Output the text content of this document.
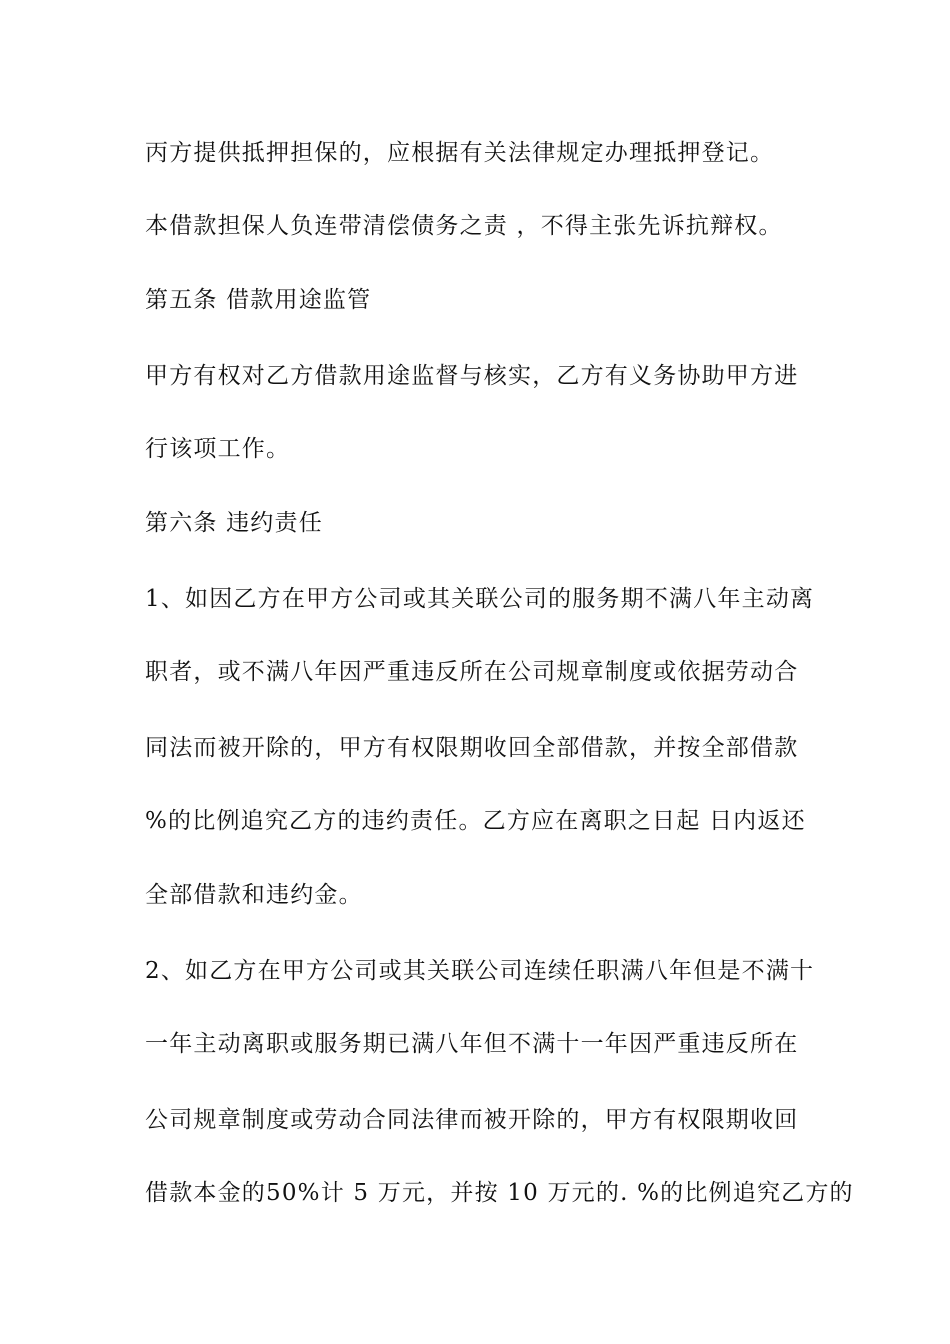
丙方提供抵押担保的，应根据有关法律规定办理抵押登记。
本借款担保人负连带清偿债务之责 ，不得主张先诉抗辩权。
第五条 借款用途监管
甲方有权对乙方借款用途监督与核实，乙方有义务协助甲方进
行该项工作。
第六条 违约责任
1、如因乙方在甲方公司或其关联公司的服务期不满八年主动离
职者，或不满八年因严重违反所在公司规章制度或依据劳动合
同法而被开除的，甲方有权限期收回全部借款，并按全部借款
%的比例追究乙方的违约责任。乙方应在离职之日起 日内返还
全部借款和违约金。
2、如乙方在甲方公司或其关联公司连续任职满八年但是不满十
一年主动离职或服务期已满八年但不满十一年因严重违反所在
公司规章制度或劳动合同法律而被开除的，甲方有权限期收回
借款本金的50%计 5 万元，并按 10 万元的. %的比例追究乙方的
